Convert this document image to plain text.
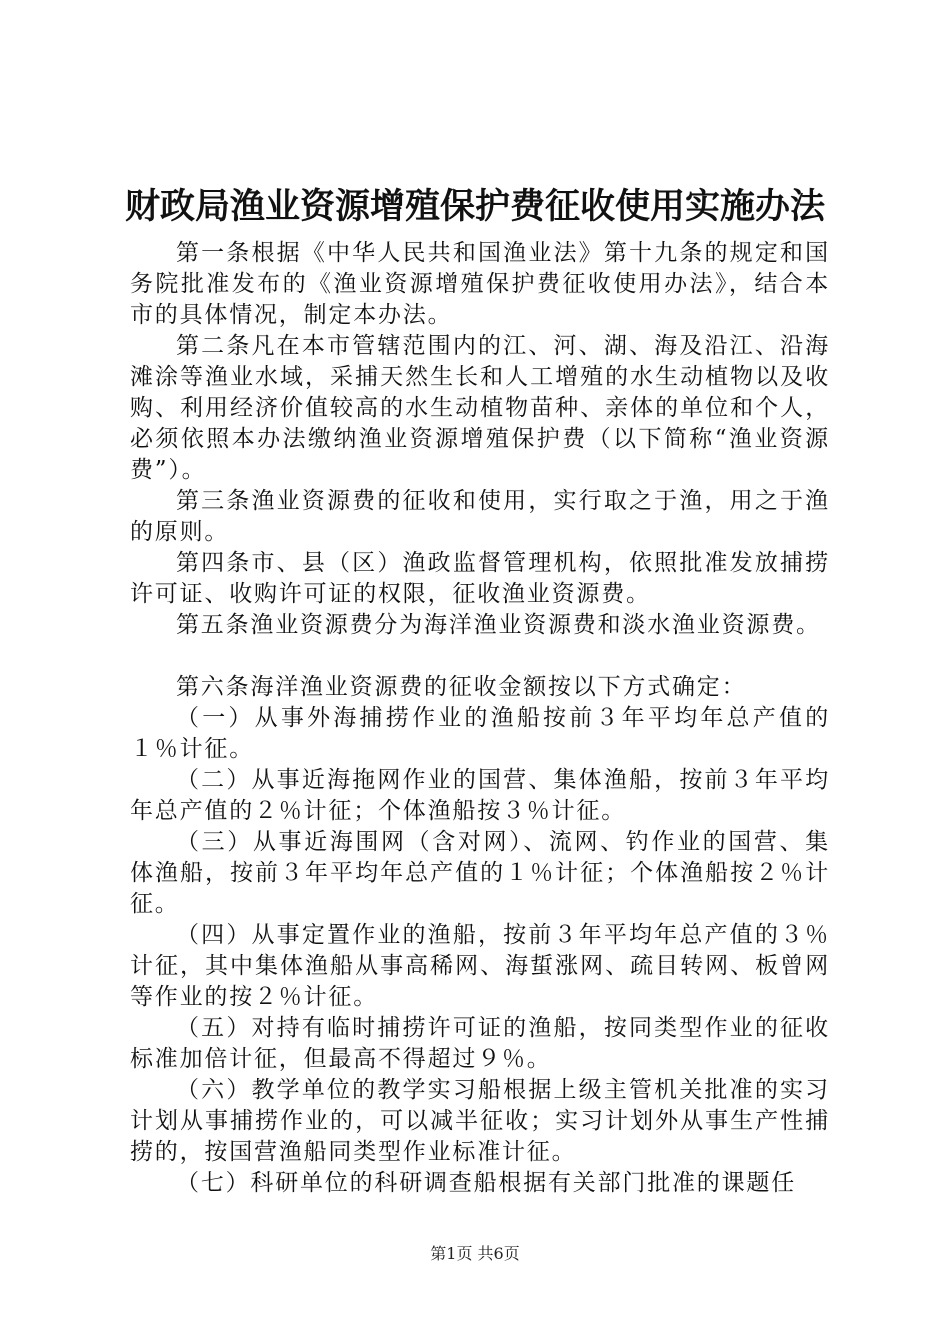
财政局渔业资源增殖保护费征收使用实施办法

第一条根据《中华人民共和国渔业法》第十九条的规定和国务院批准发布的《渔业资源增殖保护费征收使用办法》，结合本市的具体情况，制定本办法。

第二条凡在本市管辖范围内的江、河、湖、海及沿江、沿海滩涂等渔业水域，采捕天然生长和人工增殖的水生动植物以及收购、利用经济价值较高的水生动植物苗种、亲体的单位和个人，必须依照本办法缴纳渔业资源增殖保护费（以下简称“渔业资源费”）。

第三条渔业资源费的征收和使用，实行取之于渔，用之于渔的原则。

第四条市、县（区）渔政监督管理机构，依照批准发放捕捞许可证、收购许可证的权限，征收渔业资源费。

第五条渔业资源费分为海洋渔业资源费和淡水渔业资源费。

第六条海洋渔业资源费的征收金额按以下方式确定：

（一）从事外海捕捞作业的渔船按前３年平均年总产值的１％计征。

（二）从事近海拖网作业的国营、集体渔船，按前３年平均年总产值的２％计征；个体渔船按３％计征。

（三）从事近海围网（含对网）、流网、钓作业的国营、集体渔船，按前３年平均年总产值的１％计征；个体渔船按２％计征。

（四）从事定置作业的渔船，按前３年平均年总产值的３％计征，其中集体渔船从事高稀网、海蜇涨网、疏目转网、板曾网等作业的按２％计征。

（五）对持有临时捕捞许可证的渔船，按同类型作业的征收标准加倍计征，但最高不得超过９％。

（六）教学单位的教学实习船根据上级主管机关批准的实习计划从事捕捞作业的，可以减半征收；实习计划外从事生产性捕捞的，按国营渔船同类型作业标准计征。

（七）科研单位的科研调查船根据有关部门批准的课题任

第1页 共6页
